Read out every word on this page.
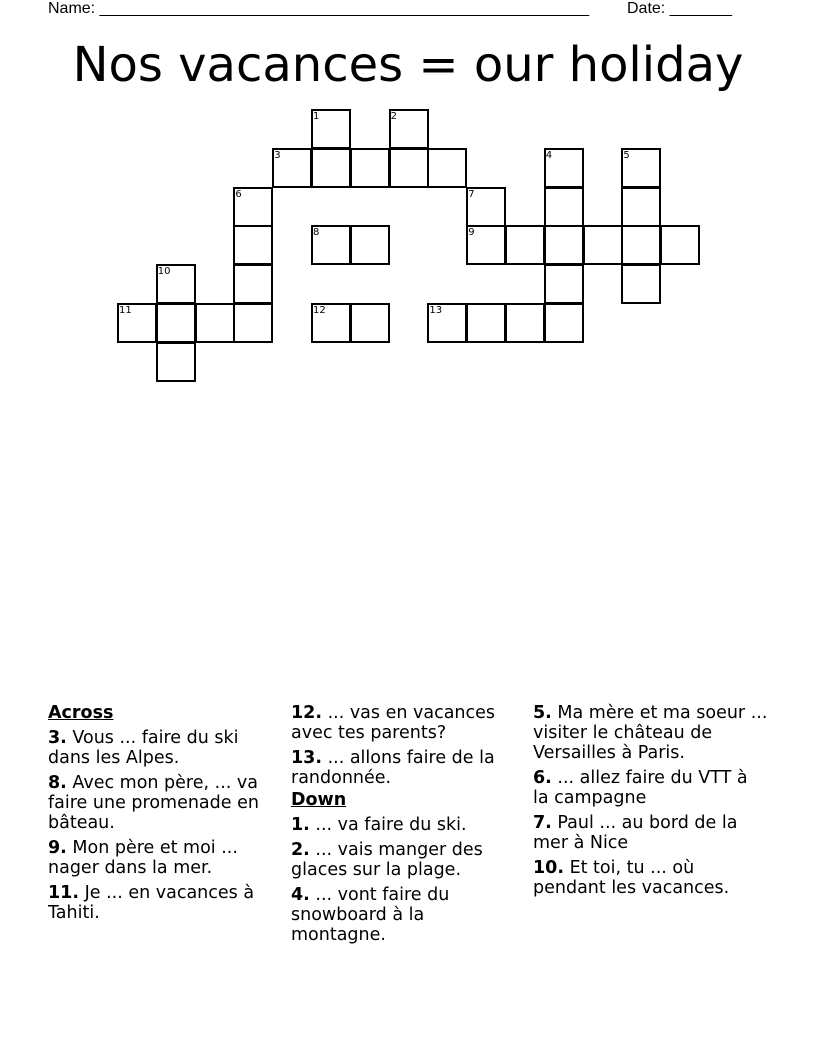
Name: _______________________________________________________ Date: _______
Nos vacances = our holiday
1	2
3	4	5
6	7
8	9
10
11	12	13
Across
3. Vous ... faire du ski dans les Alpes.
8. Avec mon père, ... va faire une promenade en bâteau.
9. Mon père et moi ... nager dans la mer.
11. Je ... en vacances à Tahiti.
12. ... vas en vacances avec tes parents?
13. ... allons faire de la randonnée.
Down
1. ... va faire du ski.
2. ... vais manger des glaces sur la plage.
4. ... vont faire du snowboard à la montagne.
5. Ma mère et ma soeur ... visiter le château de Versailles à Paris.
6. ... allez faire du VTT à la campagne
7. Paul ... au bord de la mer à Nice
10. Et toi, tu ... où pendant les vacances.
